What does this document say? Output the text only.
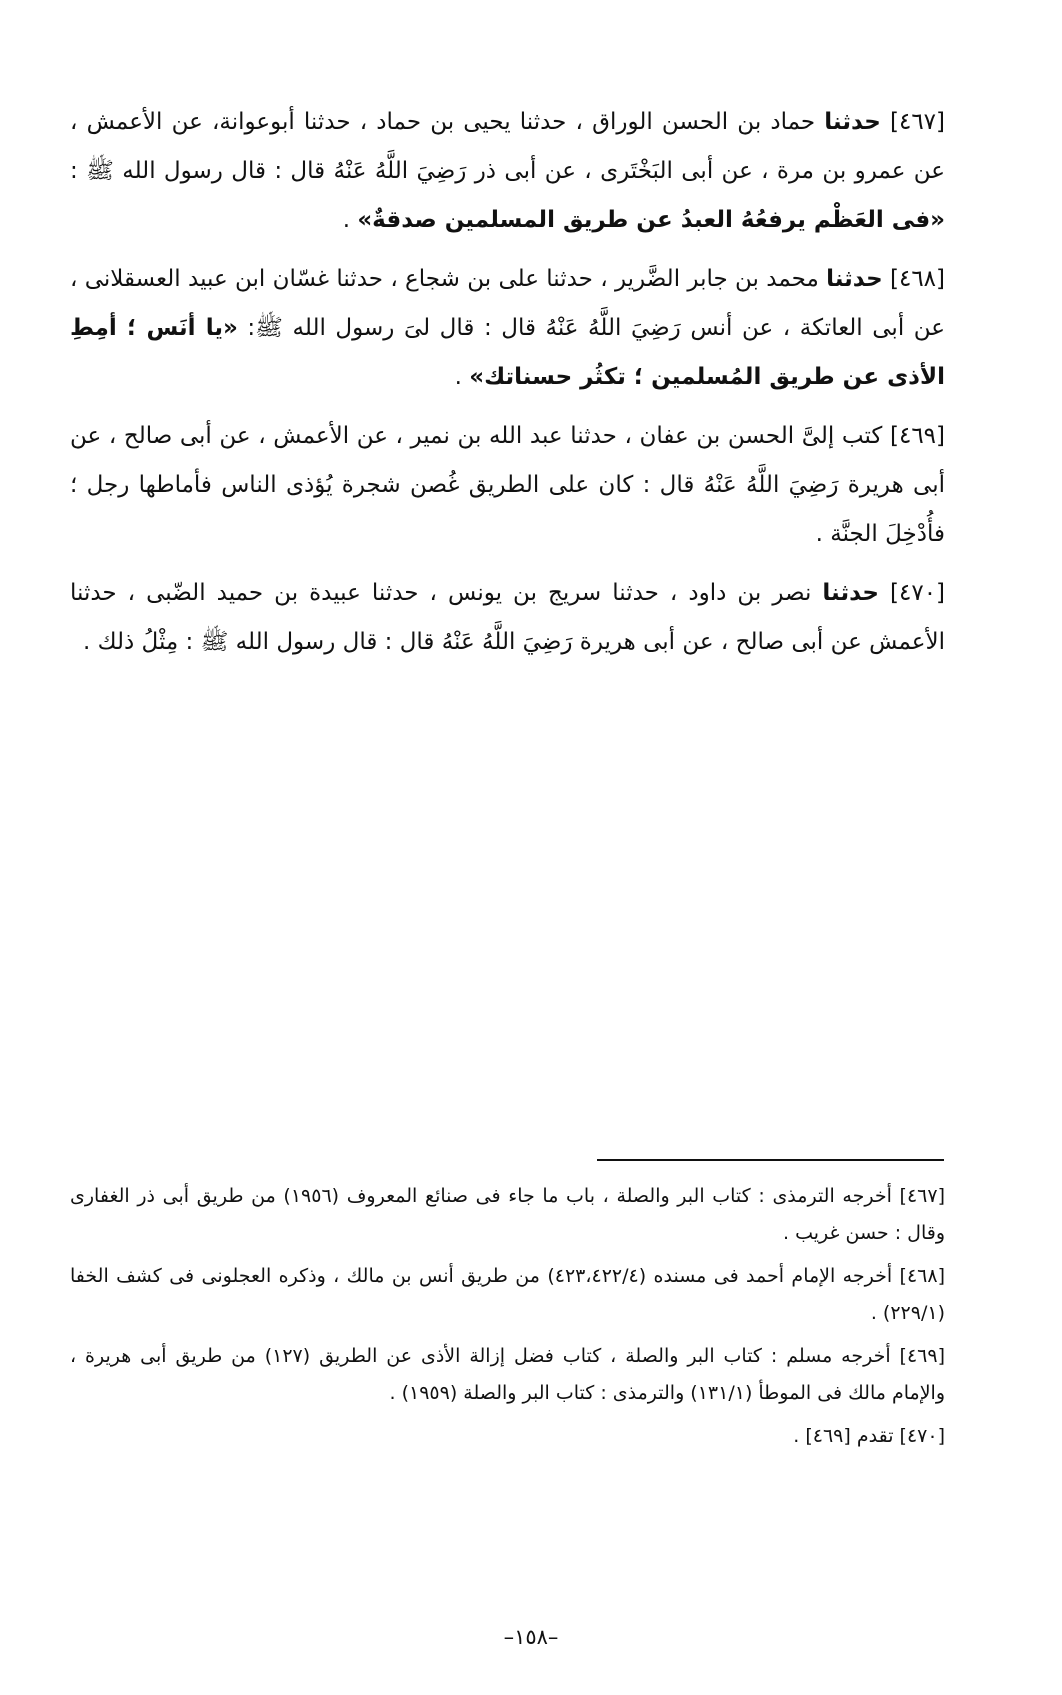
[٤٦٧] حدثنا حماد بن الحسن الوراق ، حدثنا يحيى بن حماد ، حدثنا أبوعوانة، عن الأعمش ، عن عمرو بن مرة ، عن أبى البَخْتَرى ، عن أبى ذر رَضِيَ اللَّهُ عَنْهُ قال : قال رسول الله ﷺ : «فى العَظْم يرفعُهُ العبدُ عن طريق المسلمين صدقةٌ» .

[٤٦٨] حدثنا محمد بن جابر الضَّرير ، حدثنا على بن شجاع ، حدثنا غسّان ابن عبيد العسقلانى ، عن أبى العاتكة ، عن أنس رَضِيَ اللَّهُ عَنْهُ قال : قال لىَ رسول الله ﷺ: «يا أنَس ؛ أمِطِ الأذى عن طريق المُسلمين ؛ تكثُر حسناتك» .

[٤٦٩] كتب إلىَّ الحسن بن عفان ، حدثنا عبد الله بن نمير ، عن الأعمش ، عن أبى صالح ، عن أبى هريرة رَضِيَ اللَّهُ عَنْهُ قال : كان على الطريق غُصن شجرة يُؤذى الناس فأماطها رجل ؛ فأُدْخِلَ الجنَّة .

[٤٧٠] حدثنا نصر بن داود ، حدثنا سريج بن يونس ، حدثنا عبيدة بن حميد الضّبى ، حدثنا الأعمش عن أبى صالح ، عن أبى هريرة رَضِيَ اللَّهُ عَنْهُ قال : قال رسول الله ﷺ : مِثْلُ ذلك .

[٤٦٧] أخرجه الترمذى : كتاب البر والصلة ، باب ما جاء فى صنائع المعروف (١٩٥٦) من طريق أبى ذر الغفارى وقال : حسن غريب .

[٤٦٨] أخرجه الإمام أحمد فى مسنده (٤٢٣،٤٢٢/٤) من طريق أنس بن مالك ، وذكره العجلونى فى كشف الخفا (٢٢٩/١) .

[٤٦٩] أخرجه مسلم : كتاب البر والصلة ، كتاب فضل إزالة الأذى عن الطريق (١٢٧) من طريق أبى هريرة ، والإمام مالك فى الموطأ (١٣١/١) والترمذى : كتاب البر والصلة (١٩٥٩) .

[٤٧٠] تقدم [٤٦٩] .

–١٥٨–
